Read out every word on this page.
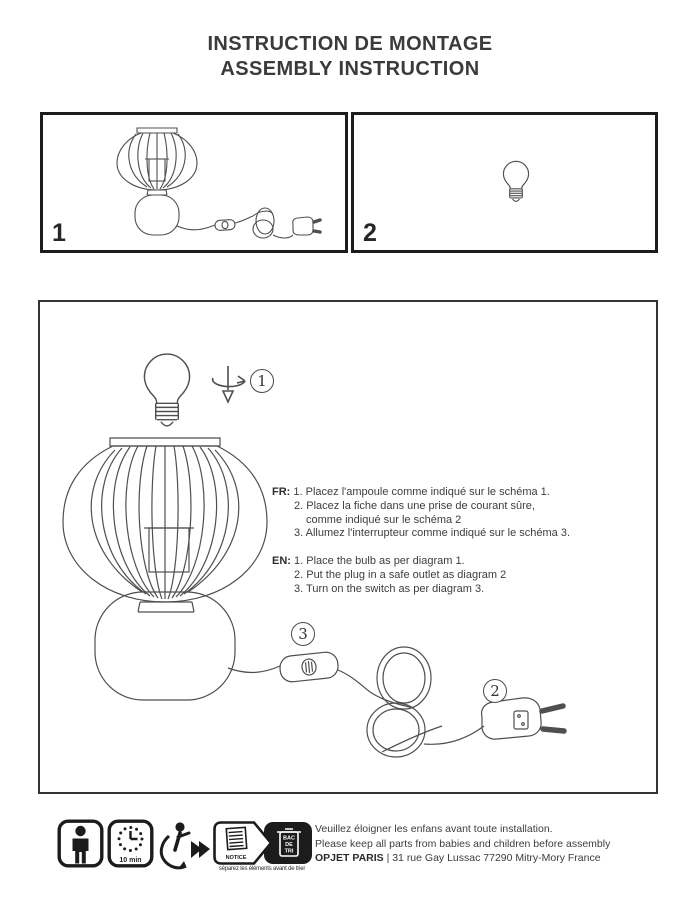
INSTRUCTION DE MONTAGE
ASSEMBLY INSTRUCTION
1	2
1
3
2
FR: 1. Placez l'ampoule comme indiqué sur le schéma 1.
2. Placez la fiche dans une prise de courant sûre,
comme indiqué sur le schéma 2
3. Allumez l'interrupteur comme indiqué sur le schéma 3.
EN: 1. Place the bulb as per diagram 1.
2. Put the plug in a safe outlet as diagram 2
3. Turn on the switch as per diagram 3.
10 min	NOTICE
BAC
DE
TRI
séparez les éléments avant de trier
Veuillez éloigner les enfans avant toute installation.
Please keep all parts from babies and children before assembly
OPJET PARIS | 31 rue Gay Lussac 77290 Mitry-Mory France
